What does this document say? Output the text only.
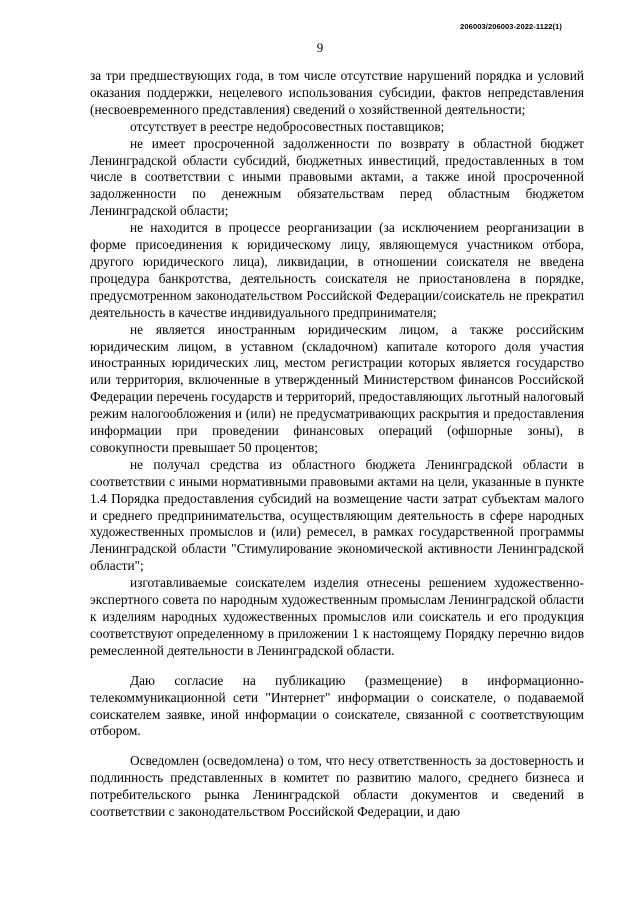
206003/206003-2022-1122(1)
9

за три предшествующих года, в том числе отсутствие нарушений порядка и условий оказания поддержки, нецелевого использования субсидии, фактов непредставления (несвоевременного представления) сведений о хозяйственной деятельности;

отсутствует в реестре недобросовестных поставщиков;

не имеет просроченной задолженности по возврату в областной бюджет Ленинградской области субсидий, бюджетных инвестиций, предоставленных в том числе в соответствии с иными правовыми актами, а также иной просроченной задолженности по денежным обязательствам перед областным бюджетом Ленинградской области;

не находится в процессе реорганизации (за исключением реорганизации в форме присоединения к юридическому лицу, являющемуся участником отбора, другого юридического лица), ликвидации, в отношении соискателя не введена процедура банкротства, деятельность соискателя не приостановлена в порядке, предусмотренном законодательством Российской Федерации/соискатель не прекратил деятельность в качестве индивидуального предпринимателя;

не является иностранным юридическим лицом, а также российским юридическим лицом, в уставном (складочном) капитале которого доля участия иностранных юридических лиц, местом регистрации которых является государство или территория, включенные в утвержденный Министерством финансов Российской Федерации перечень государств и территорий, предоставляющих льготный налоговый режим налогообложения и (или) не предусматривающих раскрытия и предоставления информации при проведении финансовых операций (офшорные зоны), в совокупности превышает 50 процентов;

не получал средства из областного бюджета Ленинградской области в соответствии с иными нормативными правовыми актами на цели, указанные в пункте 1.4 Порядка предоставления субсидий на возмещение части затрат субъектам малого и среднего предпринимательства, осуществляющим деятельность в сфере народных художественных промыслов и (или) ремесел, в рамках государственной программы Ленинградской области "Стимулирование экономической активности Ленинградской области";

изготавливаемые соискателем изделия отнесены решением художественно-экспертного совета по народным художественным промыслам Ленинградской области к изделиям народных художественных промыслов или соискатель и его продукция соответствуют определенному в приложении 1 к настоящему Порядку перечню видов ремесленной деятельности в Ленинградской области.

Даю согласие на публикацию (размещение) в информационно-телекоммуникационной сети "Интернет" информации о соискателе, о подаваемой соискателем заявке, иной информации о соискателе, связанной с соответствующим отбором.

Осведомлен (осведомлена) о том, что несу ответственность за достоверность и подлинность представленных в комитет по развитию малого, среднего бизнеса и потребительского рынка Ленинградской области документов и сведений в соответствии с законодательством Российской Федерации, и даю
